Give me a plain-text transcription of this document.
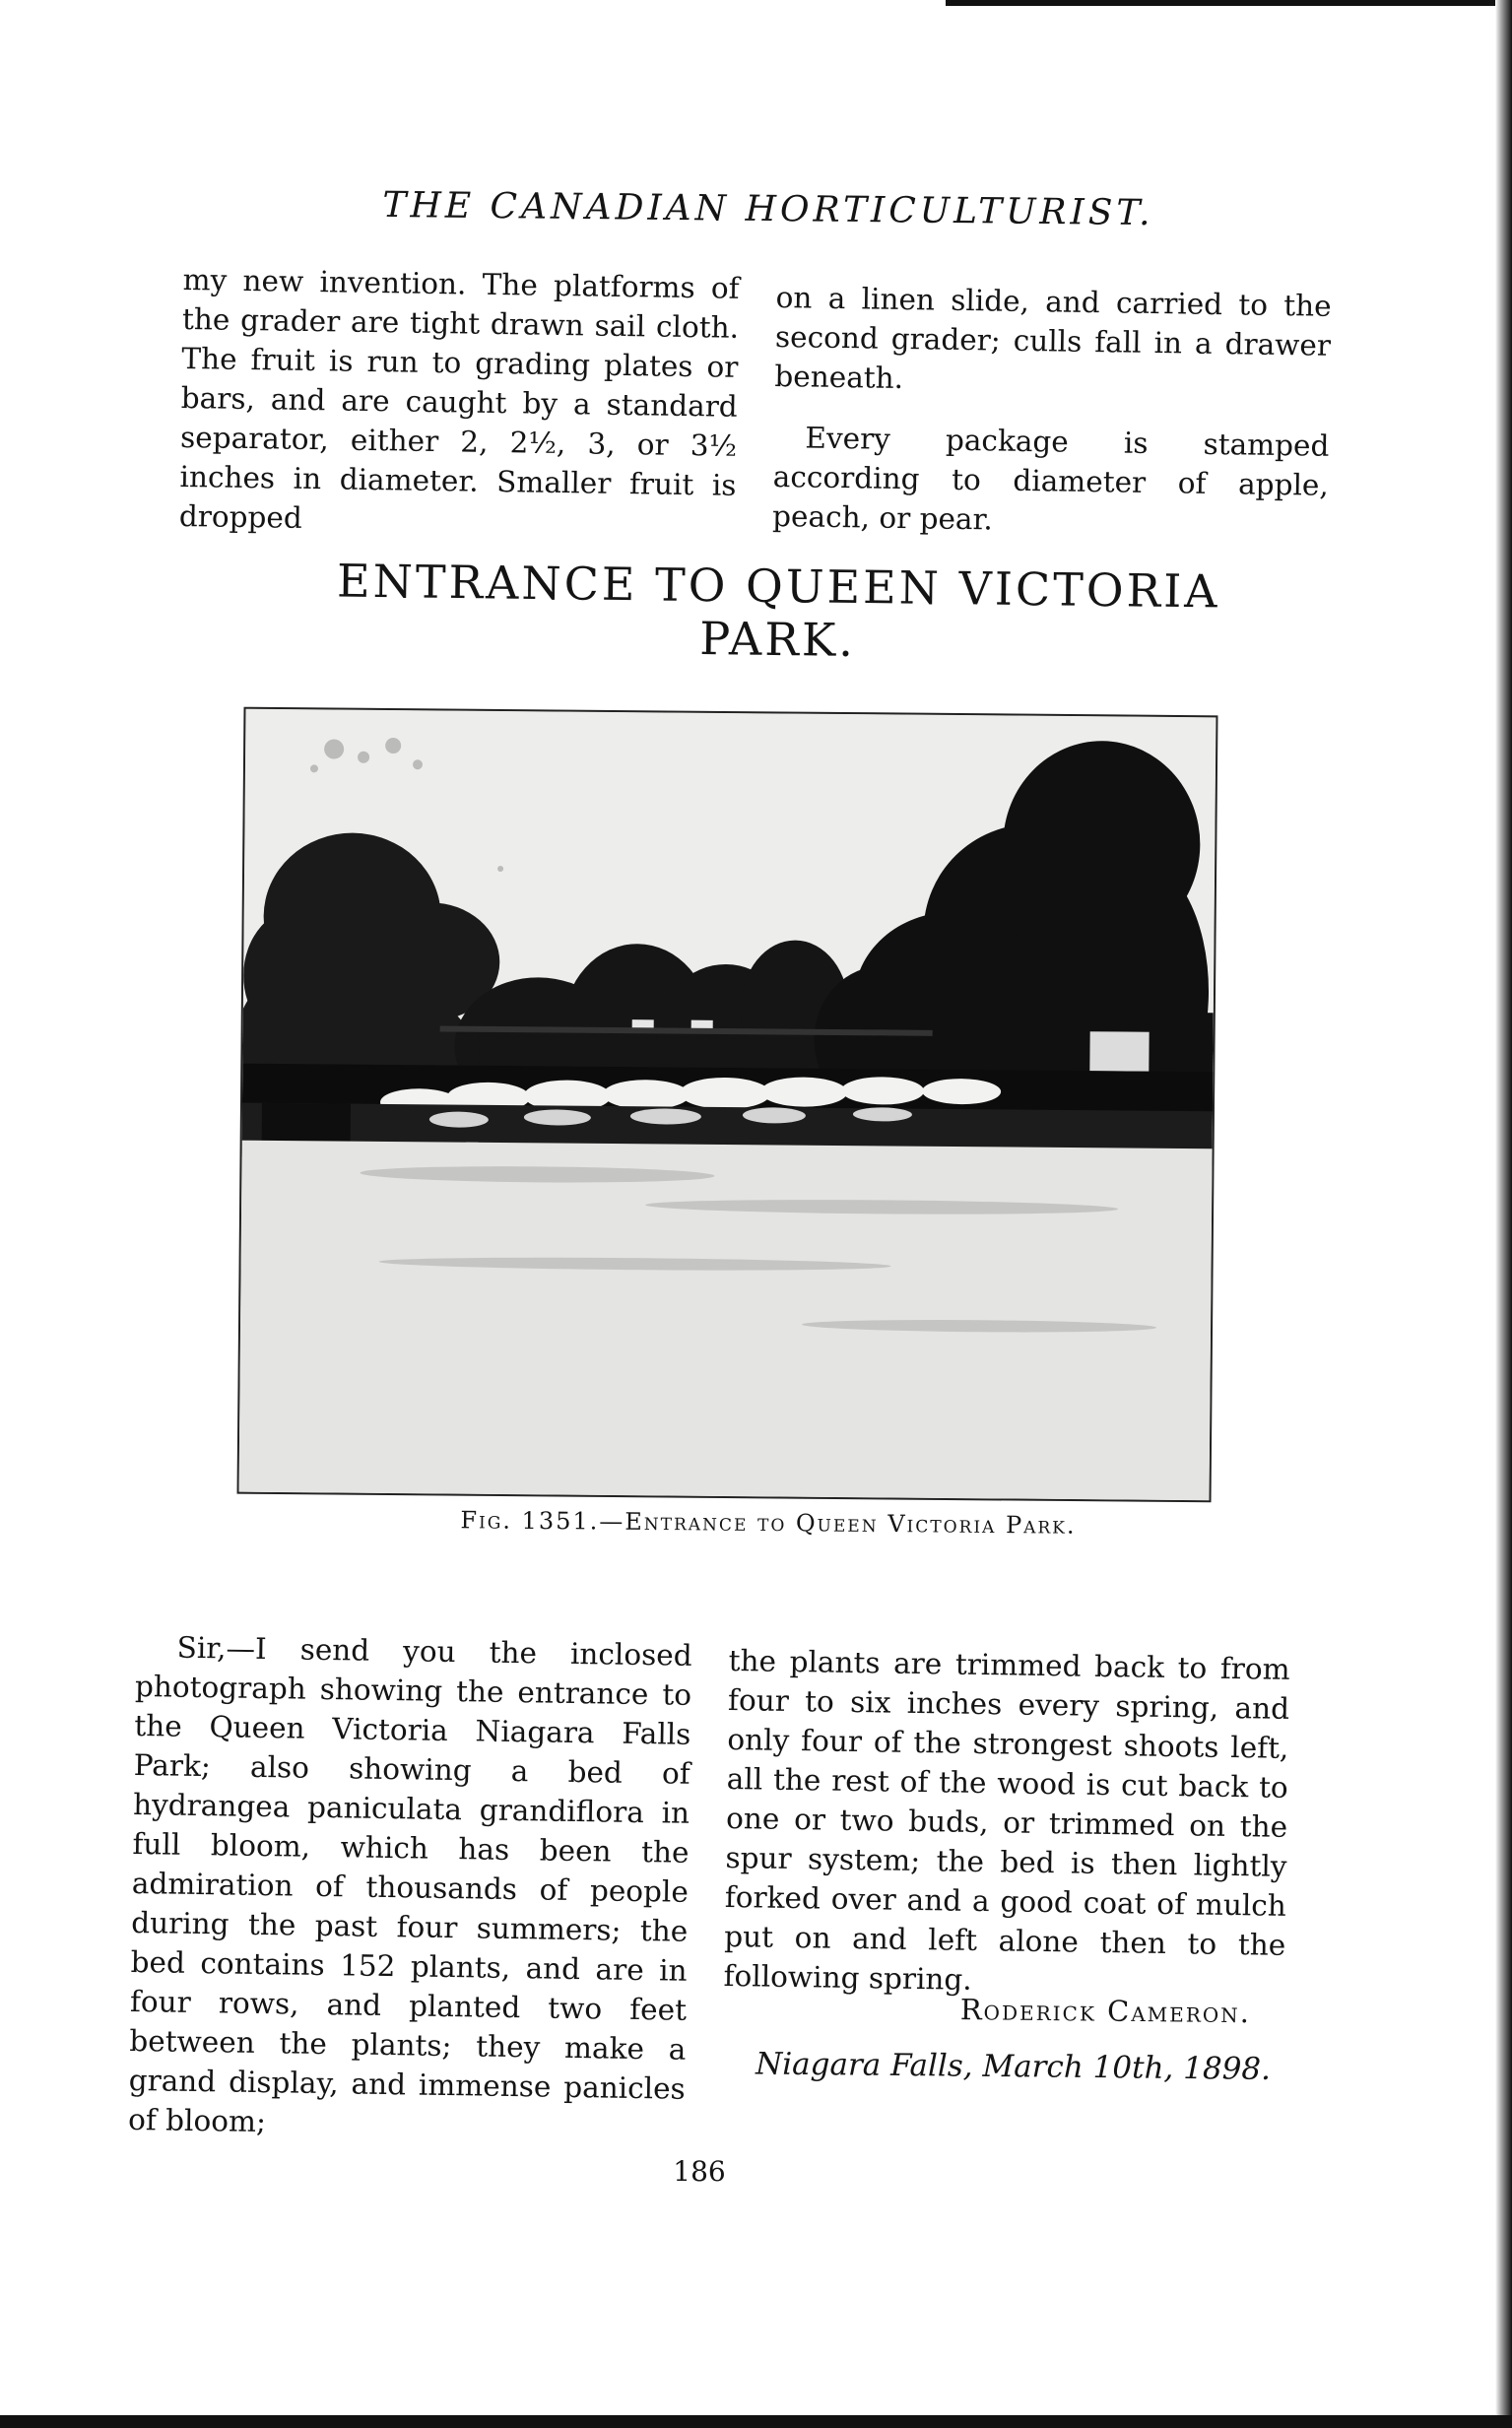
THE CANADIAN HORTICULTURIST.

my new invention. The platforms of the grader are tight drawn sail cloth. The fruit is run to grading plates or bars, and are caught by a standard separator, either 2, 2½, 3, or 3½ inches in diameter. Smaller fruit is dropped

on a linen slide, and carried to the second grader; culls fall in a drawer beneath.

Every package is stamped according to diameter of apple, peach, or pear.

ENTRANCE TO QUEEN VICTORIA PARK.
Fig. 1351.—Entrance to Queen Victoria Park.

Sir,—I send you the inclosed photograph showing the entrance to the Queen Victoria Niagara Falls Park; also showing a bed of hydrangea paniculata grandiflora in full bloom, which has been the admiration of thousands of people during the past four summers; the bed contains 152 plants, and are in four rows, and planted two feet between the plants; they make a grand display, and immense panicles of bloom;

the plants are trimmed back to from four to six inches every spring, and only four of the strongest shoots left, all the rest of the wood is cut back to one or two buds, or trimmed on the spur system; the bed is then lightly forked over and a good coat of mulch put on and left alone then to the following spring.

Roderick Cameron.
Niagara Falls, March 10th, 1898.
186
